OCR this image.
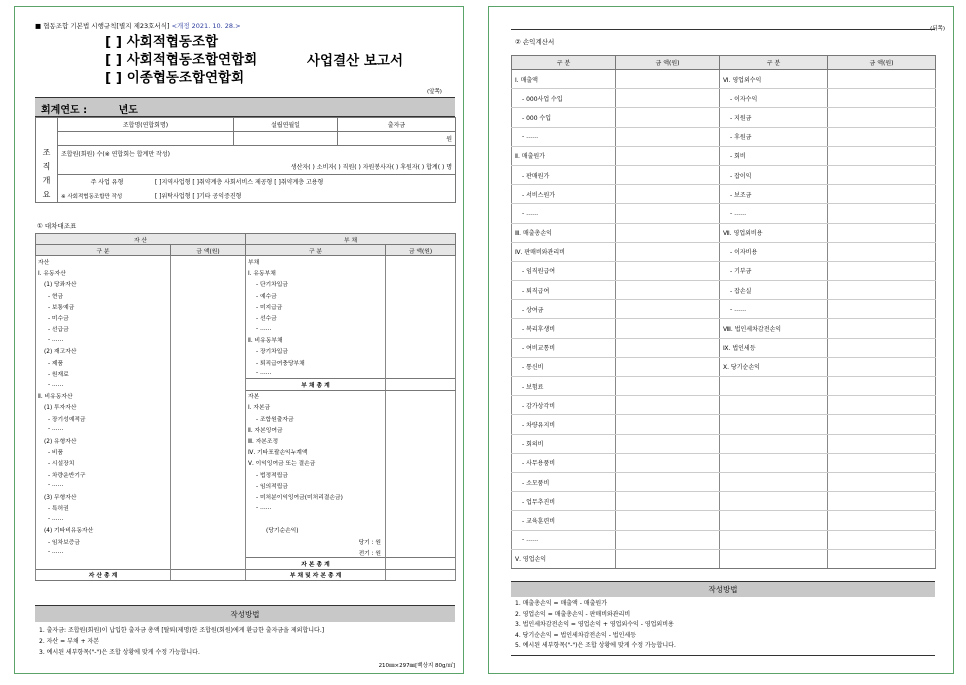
■ 협동조합 기본법 시행규칙[별지 제23호서식] <개정 2021. 10. 28.>
[ ] 사회적협동조합
[ ] 사회적협동조합연합회
[ ] 이종협동조합연합회
사업결산 보고서
(앞쪽)
회계연도 :	년도

조직
개요	조합명(연합회명)	설립연월일	출자금
			원
	조합원(회원) 수(※ 연합회는 합계만 작성)		
	생산자( ) 소비자( ) 직원( ) 자원봉사자( ) 후원자( ) 합계( ) 명		
	주 사업 유형 [ ]지역사업형 [ ]취약계층 사회서비스 제공형 [ ]취약계층 고용형		
	※ 사회적협동조합만 작성 [ ]위탁사업형 [ ]기타 공익증진형		
① 대차대조표
자 산		부 채	
구 분	금 액(원)	구 분	금 액(원)
자산		부채	
Ⅰ. 유동자산		Ⅰ. 유동부채	
(1) 당좌자산		- 단기차입금	
- 현금		- 예수금	
- 보통예금		- 미지급금	
- 미수금		- 선수금	
- 선급금		- ……	
- ……		Ⅱ. 비유동부채	
(2) 재고자산		- 장기차입금	
- 제품		- 퇴직급여충당부채	
- 원재료		- ……	
- ……		부 채 총 계	
Ⅱ. 비유동자산		자본	
(1) 투자자산		Ⅰ. 자본금	
- 장기성예적금		- 조합원출자금	
- ……		Ⅱ. 자본잉여금	
(2) 유형자산		Ⅲ. 자본조정	
- 비품		Ⅳ. 기타포괄손익누계액	
- 시설장치		Ⅴ. 이익잉여금 또는 결손금	
- 차량운반기구		- 법정적립금	
- ……		- 임의적립금	
(3) 무형자산		- 미처분이익잉여금(미처리결손금)	
- 특허권		- ……	
- ……			
(4) 기타비유동자산		(당기순손익)	
- 임차보증금		당기 : 원	
- ……		전기 : 원	
		자 본 총 계	
자 산 총 계		부 채 및 자 본 총 계	
작성방법
1. 출자금: 조합원(회원)이 납입한 출자금 총액 [탈퇴(제명)한 조합원(회원)에게 환급한 출자금을 제외합니다.]
2. 자산 = 부채 + 자본
3. 예시된 세부항목("-")은 조합 상황에 맞게 수정 가능합니다.
210㎜×297㎜[백상지 80g/㎡]
(뒤쪽)
② 손익계산서
구 분	금 액(원)	구 분	금 액(원)
Ⅰ. 매출액		Ⅵ. 영업외수익	
- 000사업 수입		- 이자수익	
- 000 수입		- 지원금	
- ……		- 후원금	
Ⅱ. 매출원가		- 회비	
- 판매원가		- 잡이익	
- 서비스원가		- 보조금	
- ……		- ……	
Ⅲ. 매출총손익		Ⅶ. 영업외비용	
Ⅳ. 판매비와관리비		- 이자비용	
- 임직원급여		- 기부금	
- 퇴직급여		- 잡손실	
- 상여금		- ……	
- 복리후생비		Ⅷ. 법인세차감전손익	
- 여비교통비		Ⅸ. 법인세등	
- 통신비		Ⅹ. 당기순손익	
- 보험료			
- 감가상각비			
- 차량유지비			
- 회의비			
- 사무용품비			
- 소모품비			
- 업무추진비			
- 교육훈련비			
- ……			
Ⅴ. 영업손익			
작성방법
1. 매출총손익 = 매출액 - 매출원가
2. 영업손익 = 매출총손익 - 판매비와관리비
3. 법인세차감전손익 = 영업손익 + 영업외수익 - 영업외비용
4. 당기순손익 = 법인세차감전손익 - 법인세등
5. 예시된 세부항목("-")은 조합 상황에 맞게 수정 가능합니다.
